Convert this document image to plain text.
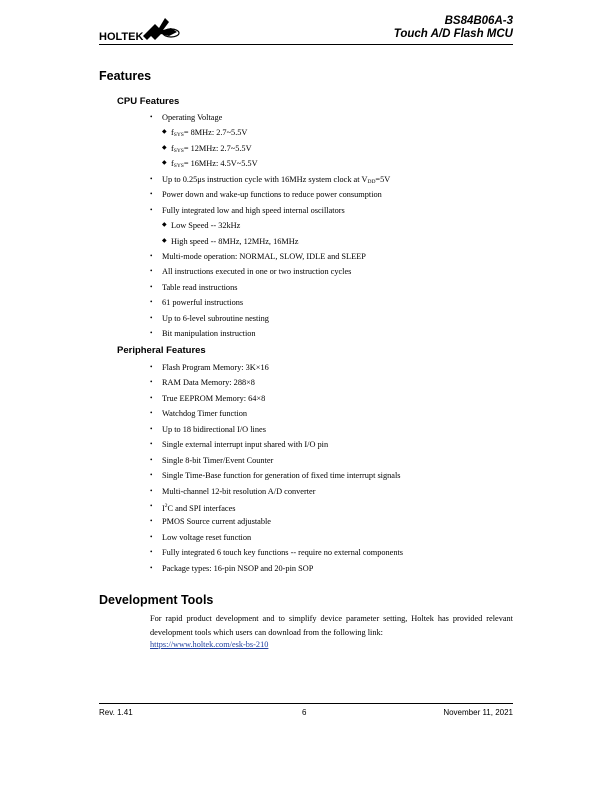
HOLTEK
BS84B06A-3
Touch A/D Flash MCU
Features
CPU Features
• Operating Voltage
◆ $f_{SYS}= 8MHz$: 2.7~5.5V
◆ $f_{SYS}= 12MHz$: 2.7~5.5V
◆ $f_{SYS}= 16MHz$: 4.5V~5.5V
• Up to 0.25μs instruction cycle with 16MHz system clock at $V_{DD}=5V$
• Power down and wake-up functions to reduce power consumption
• Fully integrated low and high speed internal oscillators
◆ Low Speed -- 32kHz
◆ High speed -- 8MHz, 12MHz, 16MHz
• Multi-mode operation: NORMAL, SLOW, IDLE and SLEEP
• All instructions executed in one or two instruction cycles
• Table read instructions
• 61 powerful instructions
• Up to 6-level subroutine nesting
• Bit manipulation instruction
Peripheral Features
• Flash Program Memory: 3K×16
• RAM Data Memory: 288×8
• True EEPROM Memory: 64×8
• Watchdog Timer function
• Up to 18 bidirectional I/O lines
• Single external interrupt input shared with I/O pin
• Single 8-bit Timer/Event Counter
• Single Time-Base function for generation of fixed time interrupt signals
• Multi-channel 12-bit resolution A/D converter
• $I^2C$ and SPI interfaces
• PMOS Source current adjustable
• Low voltage reset function
• Fully integrated 6 touch key functions -- require no external components
• Package types: 16-pin NSOP and 20-pin SOP
Development Tools
For rapid product development and to simplify device parameter setting, Holtek has provided relevant development tools which users can download from the following link:
https://www.holtek.com/esk-bs-210
Rev. 1.41	6	November 11, 2021
